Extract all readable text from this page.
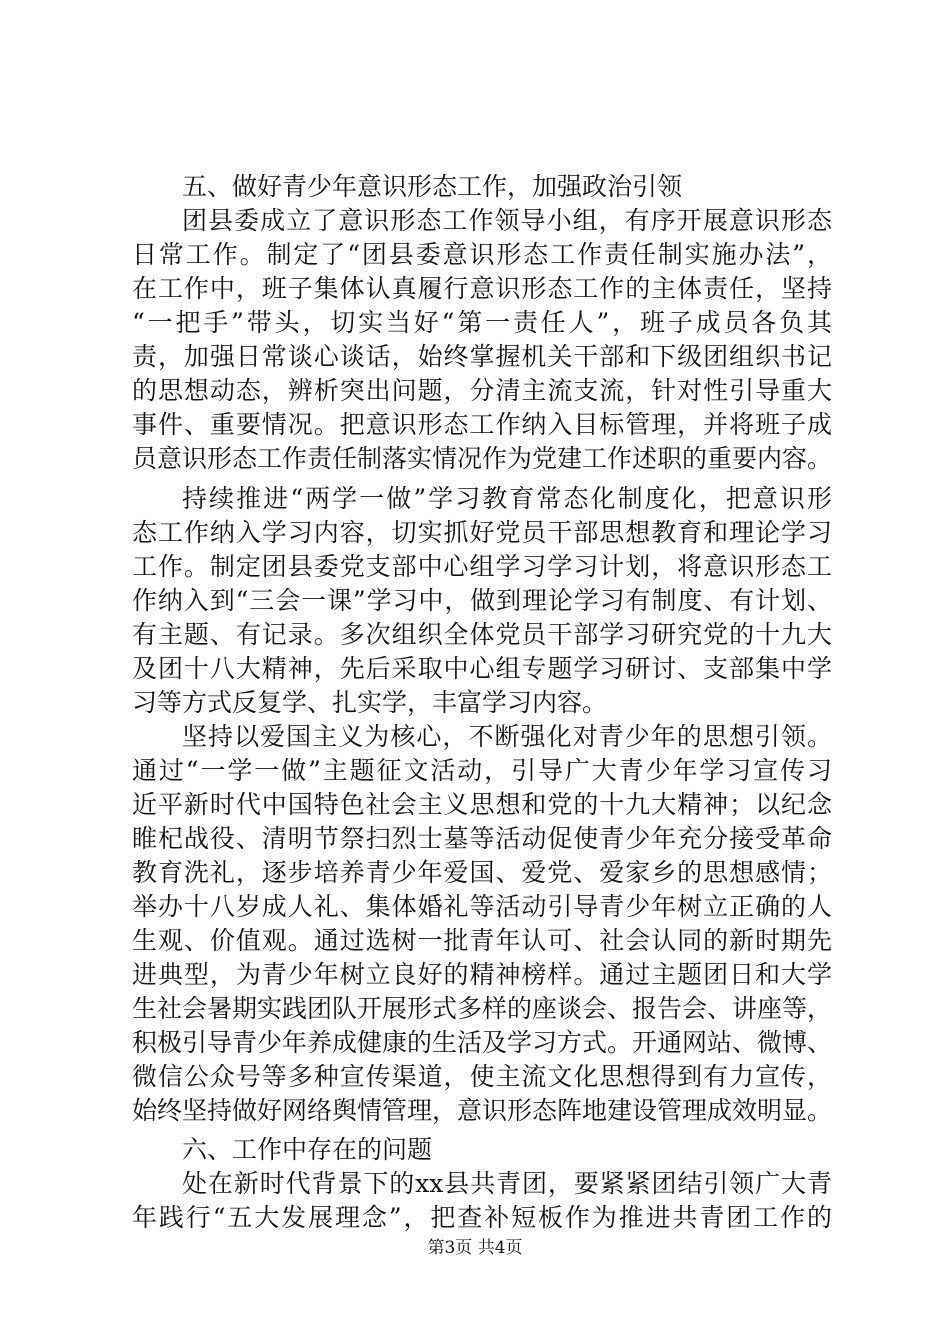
五、做好青少年意识形态工作，加强政治引领
团县委成立了意识形态工作领导小组，有序开展意识形态
日常工作。制定了“团县委意识形态工作责任制实施办法”，
在工作中，班子集体认真履行意识形态工作的主体责任，坚持
“一把手”带头，切实当好“第一责任人”，班子成员各负其
责，加强日常谈心谈话，始终掌握机关干部和下级团组织书记
的思想动态，辨析突出问题，分清主流支流，针对性引导重大
事件、重要情况。把意识形态工作纳入目标管理，并将班子成
员意识形态工作责任制落实情况作为党建工作述职的重要内容。
持续推进“两学一做”学习教育常态化制度化，把意识形
态工作纳入学习内容，切实抓好党员干部思想教育和理论学习
工作。制定团县委党支部中心组学习学习计划，将意识形态工
作纳入到“三会一课”学习中，做到理论学习有制度、有计划、
有主题、有记录。多次组织全体党员干部学习研究党的十九大
及团十八大精神，先后采取中心组专题学习研讨、支部集中学
习等方式反复学、扎实学，丰富学习内容。
坚持以爱国主义为核心，不断强化对青少年的思想引领。
通过“一学一做”主题征文活动，引导广大青少年学习宣传习
近平新时代中国特色社会主义思想和党的十九大精神；以纪念
睢杞战役、清明节祭扫烈士墓等活动促使青少年充分接受革命
教育洗礼，逐步培养青少年爱国、爱党、爱家乡的思想感情；
举办十八岁成人礼、集体婚礼等活动引导青少年树立正确的人
生观、价值观。通过选树一批青年认可、社会认同的新时期先
进典型，为青少年树立良好的精神榜样。通过主题团日和大学
生社会暑期实践团队开展形式多样的座谈会、报告会、讲座等，
积极引导青少年养成健康的生活及学习方式。开通网站、微博、
微信公众号等多种宣传渠道，使主流文化思想得到有力宣传，
始终坚持做好网络舆情管理，意识形态阵地建设管理成效明显。
六、工作中存在的问题
处在新时代背景下的xx县共青团，要紧紧团结引领广大青
年践行“五大发展理念”，把查补短板作为推进共青团工作的
第3页 共4页
